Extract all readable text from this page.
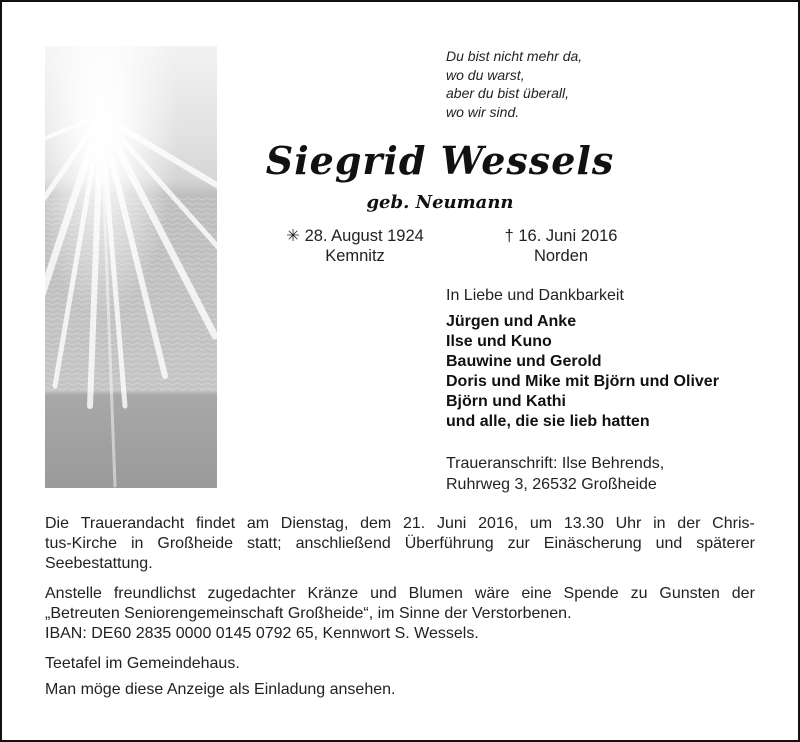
Du bist nicht mehr da,
wo du warst,
aber du bist überall,
wo wir sind.
Siegrid Wessels
geb. Neumann
✳ 28. August 1924
Kemnitz
† 16. Juni 2016
Norden
In Liebe und Dankbarkeit
Jürgen und Anke
Ilse und Kuno
Bauwine und Gerold
Doris und Mike mit Björn und Oliver
Björn und Kathi
und alle, die sie lieb hatten
Traueranschrift: Ilse Behrends,
Ruhrweg 3, 26532 Großheide
Die Trauerandacht findet am Dienstag, dem 21. Juni 2016, um 13.30 Uhr in der Chris-
tus-Kirche in Großheide statt; anschließend Überführung zur Einäscherung und späterer
Seebestattung.
Anstelle freundlichst zugedachter Kränze und Blumen wäre eine Spende zu Gunsten der
„Betreuten Seniorengemeinschaft Großheide“, im Sinne der Verstorbenen.
IBAN: DE60 2835 0000 0145 0792 65, Kennwort S. Wessels.
Teetafel im Gemeindehaus.
Man möge diese Anzeige als Einladung ansehen.
